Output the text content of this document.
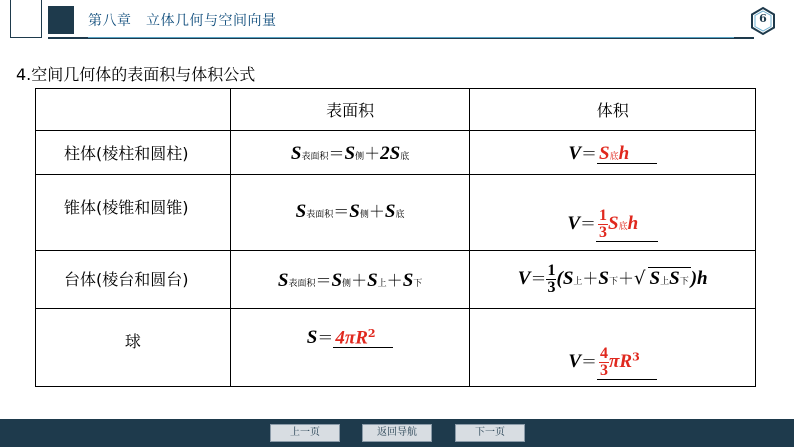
第八章　立体几何与空间向量	6
4.空间几何体的表面积与体积公式
	表面积	体积
柱体(棱柱和圆柱)	S表面积＝S侧＋2S底	V＝ S底h
锥体(棱锥和圆锥)	S表面积＝S侧＋S底	$V= \frac{1}{3}$ S底h
台体(棱台和圆台)	S表面积＝S侧＋S上＋S下	$V= \frac{1}{3} (S$上＋S下＋√ S上S下 )h
球	$S= 4\pi R^2$	$V= \frac{4}{3} \pi R^3$
上一页	返回导航	下一页
